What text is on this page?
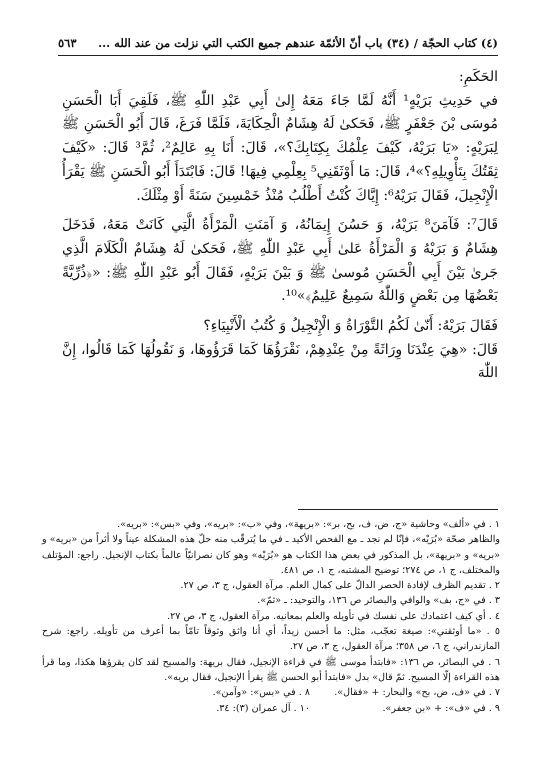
(٤) كتاب الحجّة / (٣٤) باب أنّ الأئمّة عندهم جميع الكتب التي نزلت من عند الله ...
٥٦٣

الحَكَمِ:

في حَدِيثِ بَرَيْهٍ¹ أَنَّهُ لَمَّا جَاءَ مَعَهُ إِلىٰ أَبِي عَبْدِ اللّٰهِ ﷺ، فَلَقِيَ أَبَا الْحَسَنِ مُوسَى بْنَ جَعْفَرٍ ﷺ، فَحَكىٰ لَهُ هِشَامٌ الْحِكَايَةَ، فَلَمَّا فَرَغَ، قَالَ أَبُو الْحَسَنِ ﷺ لِبَرَيْهٍ: «يَا بَرَيْهُ، كَيْفَ عِلْمُكَ بِكِتَابِكَ؟»، قَالَ: أَنَا بِهِ عَالِمٌ²، ثُمَّ³ قَالَ: «كَيْفَ ثِقَتُكَ بِتَأْوِيلِهِ؟»⁴، قَالَ: مَا أَوْثَقَنِي⁵ بِعِلْمِي فِيهَا! قَالَ: فَابْتَدَأَ أَبُو الْحَسَنِ ﷺ يَقْرَأُ الْإِنْجِيلَ، فَقَالَ بَرَيْهُ⁶: إِيَّاكَ كُنْتُ أَطْلُبُ مُنْذُ خَمْسِينَ سَنَةً أَوْ مِثْلَكَ.

قَالَ⁷: فَآمَنَ⁸ بَرَيْهُ، وَ حَسُنَ إِيمَانُهُ، وَ آمَنَتِ الْمَرْأَةُ الَّتِي كَانَتْ مَعَهُ، فَدَخَلَ هِشَامٌ وَ بَرَيْهُ وَ الْمَرْأَةُ عَلىٰ أَبِي عَبْدِ اللّٰهِ ﷺ، فَحَكىٰ لَهُ هِشَامٌ الْكَلَامَ الَّذِي جَرىٰ بَيْنَ أَبِي الْحَسَنِ مُوسىٰ ﷺ وَ بَيْنَ بَرَيْهٍ، فَقَالَ أَبُو عَبْدِ اللّٰهِ ﷺ: «﴿ذُرِّيَّةً بَعْضُهَا مِن بَعْضٍ وَاللّٰهُ سَمِيعٌ عَلِيمٌ﴾»¹⁰.

فَقَالَ بَرَيْهُ: أَنّىٰ لَكُمُ التَّوْرَاةُ وَ الْإِنْجِيلُ وَ كُتُبُ الْأَنْبِيَاءِ؟

قَالَ: «هِيَ عِنْدَنَا وِرَاثَةً مِنْ عِنْدِهِمْ، نَقْرَؤُهَا كَمَا قَرَؤُوهَا، وَ نَقُولُهَا كَمَا قَالُوا، إِنَّ اللّٰهَ

١ . في «ألف» وحاشية «ج، ض، ف، بح، بر»: «بريهة»، وفي «ب»: «بريه»، وفي «بس»: «بريه».

والظاهر صحّة «بُرَيْه»، فإنّا لم نجد ـ مع الفحص الأكيد ـ في ما يُترقّب منه حلّ هذه المشكلة عيناً ولا أثراً من «بريه» و «بريه» و «بريهة»، بل المذكور في بعض هذا الكتاب هو «بُرَيْه» وهو كان نصرانيّاً عالماً بكتاب الإنجيل. راجع: المؤتلف والمختلف، ج ١، ص ٢٧٤؛ توضيح المشتبه، ج ١، ص ٤٨١.

٢ . تقديم الظرف لإفادة الحصر الدالّ على كمال العلم. مرآة العقول، ج ٣، ص ٢٧.

٣ . في «ج، بف» والوافي والبصائر ص ١٣٦، والتوحيد: ـ «ثمّ».

٤ . أي كيف اعتمادك على نفسك في تأويله والعلم بمعانيه. مرآة العقول، ج ٣، ص ٢٧.

٥ . «ما أوثقني»: صيغة تعجّب، مثل: ما أحسن زيداً، أي أنا واثق وثوقاً تامّاً بما أعرف من تأويله. راجع: شرح المازندراني، ج ٦، ص ٣٥٨؛ مرآة العقول، ج ٣، ص ٢٧.

٦ . في البصائر، ص ١٣٦: «فابتدأ موسى ﷺ في قراءة الإنجيل، فقال بريهة: والمسيح لقد كان يقرؤها هكذا، وما قرأ هذه القراءة إلّا المسيح. ثمّ قال» بدل «فابتدأ أبو الحسن ﷺ يقرأ الإنجيل، فقال بريه».

٧ . في «ف، ض، بح» والبحار: + «فقال».
٨ . في «بس»: «وآمن».
٩ . في «ف»: + «بن جعفر».
١٠ . آل عمران (٣): ٣٤.
